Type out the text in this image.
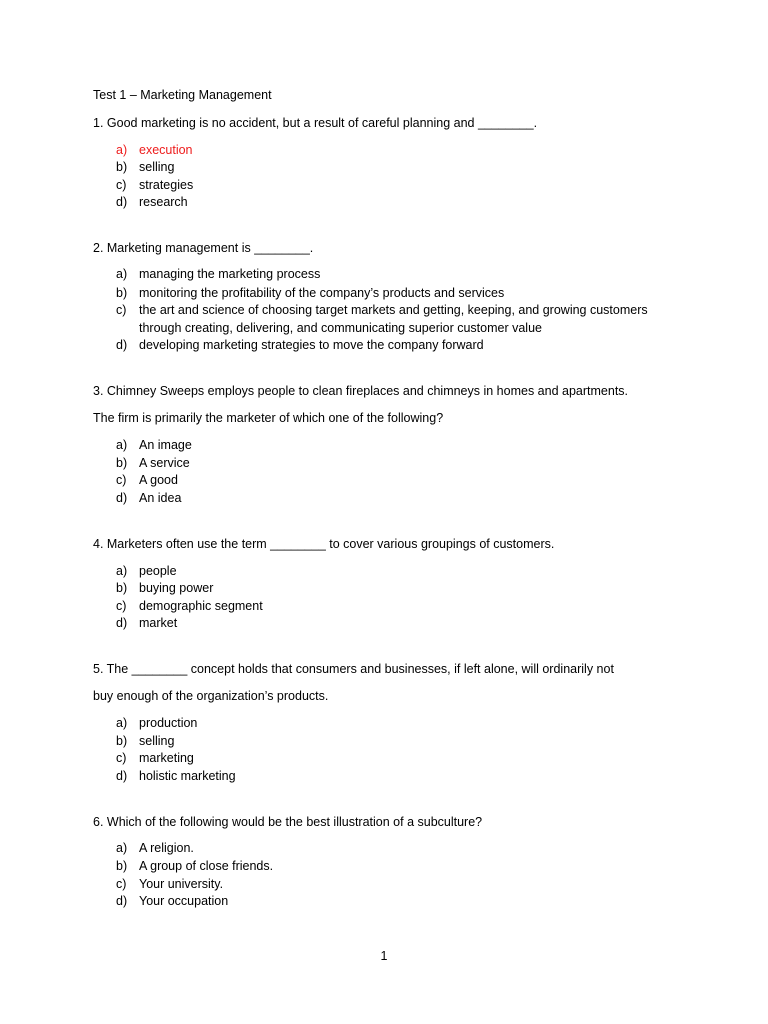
Test 1 – Marketing Management
1. Good marketing is no accident, but a result of careful planning and ________.
a) execution
b) selling
c) strategies
d) research
2. Marketing management is ________.
a) managing the marketing process
b) monitoring the profitability of the company’s products and services
c) the art and science of choosing target markets and getting, keeping, and growing customers through creating, delivering, and communicating superior customer value
d) developing marketing strategies to move the company forward
3. Chimney Sweeps employs people to clean fireplaces and chimneys in homes and apartments.
The firm is primarily the marketer of which one of the following?
a) An image
b) A service
c) A good
d) An idea
4. Marketers often use the term ________ to cover various groupings of customers.
a) people
b) buying power
c) demographic segment
d) market
5. The ________ concept holds that consumers and businesses, if left alone, will ordinarily not
buy enough of the organization’s products.
a) production
b) selling
c) marketing
d) holistic marketing
6. Which of the following would be the best illustration of a subculture?
a) A religion.
b) A group of close friends.
c) Your university.
d) Your occupation
1
